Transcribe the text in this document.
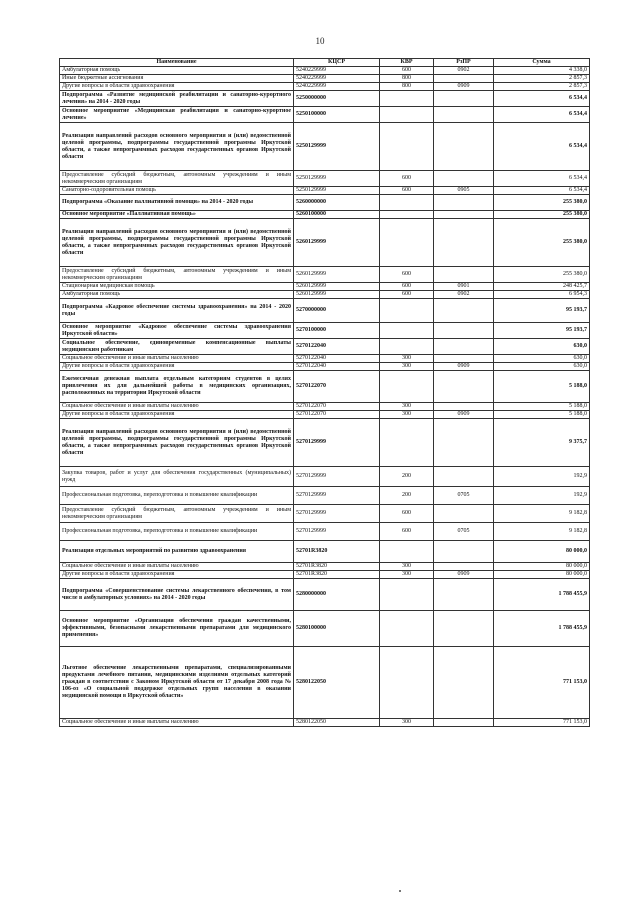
10
Наименование	КЦСР	КВР	РзПР	Сумма
Амбулаторная помощь	5240229999	600	0902	4 338,0
Иные бюджетные ассигнования	5240229999	800		2 857,3
Другие вопросы в области здравоохранения	5240229999	800	0909	2 857,3
Подпрограмма «Развитие медицинской реабилитации и санаторно-курортного лечения» на 2014 - 2020 годы	5250000000			6 534,4
Основное мероприятие «Медицинская реабилитация и санаторно-курортное лечение»	5250100000			6 534,4
Реализация направлений расходов основного мероприятия и (или) ведомственной целевой программы, подпрограммы государственной программы Иркутской области, а также непрограммных расходов государственных органов Иркутской области	5250129999			6 534,4
Предоставление субсидий бюджетным, автономным учреждениям и иным некоммерческим организациям	5250129999	600		6 534,4
Санаторно-оздоровительная помощь	5250129999	600	0905	6 534,4
Подпрограмма «Оказание паллиативной помощи» на 2014 - 2020 годы	5260000000			255 380,0
Основное мероприятие «Паллиативная помощь»	5260100000			255 380,0
Реализация направлений расходов основного мероприятия и (или) ведомственной целевой программы, подпрограммы государственной программы Иркутской области, а также непрограммных расходов государственных органов Иркутской области	5260129999			255 380,0
Предоставление субсидий бюджетным, автономным учреждениям и иным некоммерческим организациям	5260129999	600		255 380,0
Стационарная медицинская помощь	5260129999	600	0901	248 425,7
Амбулаторная помощь	5260129999	600	0902	6 954,3
Подпрограмма «Кадровое обеспечение системы здравоохранения» на 2014 - 2020 годы	5270000000			95 193,7
Основное мероприятие «Кадровое обеспечение системы здравоохранения Иркутской области»	5270100000			95 193,7
Социальное обеспечение, единовременные компенсационные выплаты медицинским работникам	5270122040			630,0
Социальное обеспечение и иные выплаты населению	5270122040	300		630,0
Другие вопросы в области здравоохранения	5270122040	300	0909	630,0
Ежемесячная денежная выплата отдельным категориям студентов в целях привлечения их для дальнейшей работы в медицинских организациях, расположенных на территории Иркутской области	5270122070			5 188,0
Социальное обеспечение и иные выплаты населению	5270122070	300		5 188,0
Другие вопросы в области здравоохранения	5270122070	300	0909	5 188,0
Реализация направлений расходов основного мероприятия и (или) ведомственной целевой программы, подпрограммы государственной программы Иркутской области, а также непрограммных расходов государственных органов Иркутской области	5270129999			9 375,7
Закупка товаров, работ и услуг для обеспечения государственных (муниципальных) нужд	5270129999	200		192,9
Профессиональная подготовка, переподготовка и повышение квалификации	5270129999	200	0705	192,9
Предоставление субсидий бюджетным, автономным учреждениям и иным некоммерческим организациям	5270129999	600		9 182,8
Профессиональная подготовка, переподготовка и повышение квалификации	5270129999	600	0705	9 182,8
Реализация отдельных мероприятий по развитию здравоохранения	52701R3820			80 000,0
Социальное обеспечение и иные выплаты населению	52701R3820	300		80 000,0
Другие вопросы в области здравоохранения	52701R3820	300	0909	80 000,0
Подпрограмма «Совершенствование системы лекарственного обеспечения, в том числе в амбулаторных условиях» на 2014 - 2020 годы	5280000000			1 788 455,9
Основное мероприятие «Организация обеспечения граждан качественными, эффективными, безопасными лекарственными препаратами для медицинского применения»	5280100000			1 788 455,9
Льготное обеспечение лекарственными препаратами, специализированными продуктами лечебного питания, медицинскими изделиями отдельных категорий граждан в соответствии с Законом Иркутской области от 17 декабря 2008 года № 106-оз «О социальной поддержке отдельных групп населения в оказании медицинской помощи в Иркутской области»	5280122050			771 153,0
Социальное обеспечение и иные выплаты населению	5280122050	300		771 153,0
